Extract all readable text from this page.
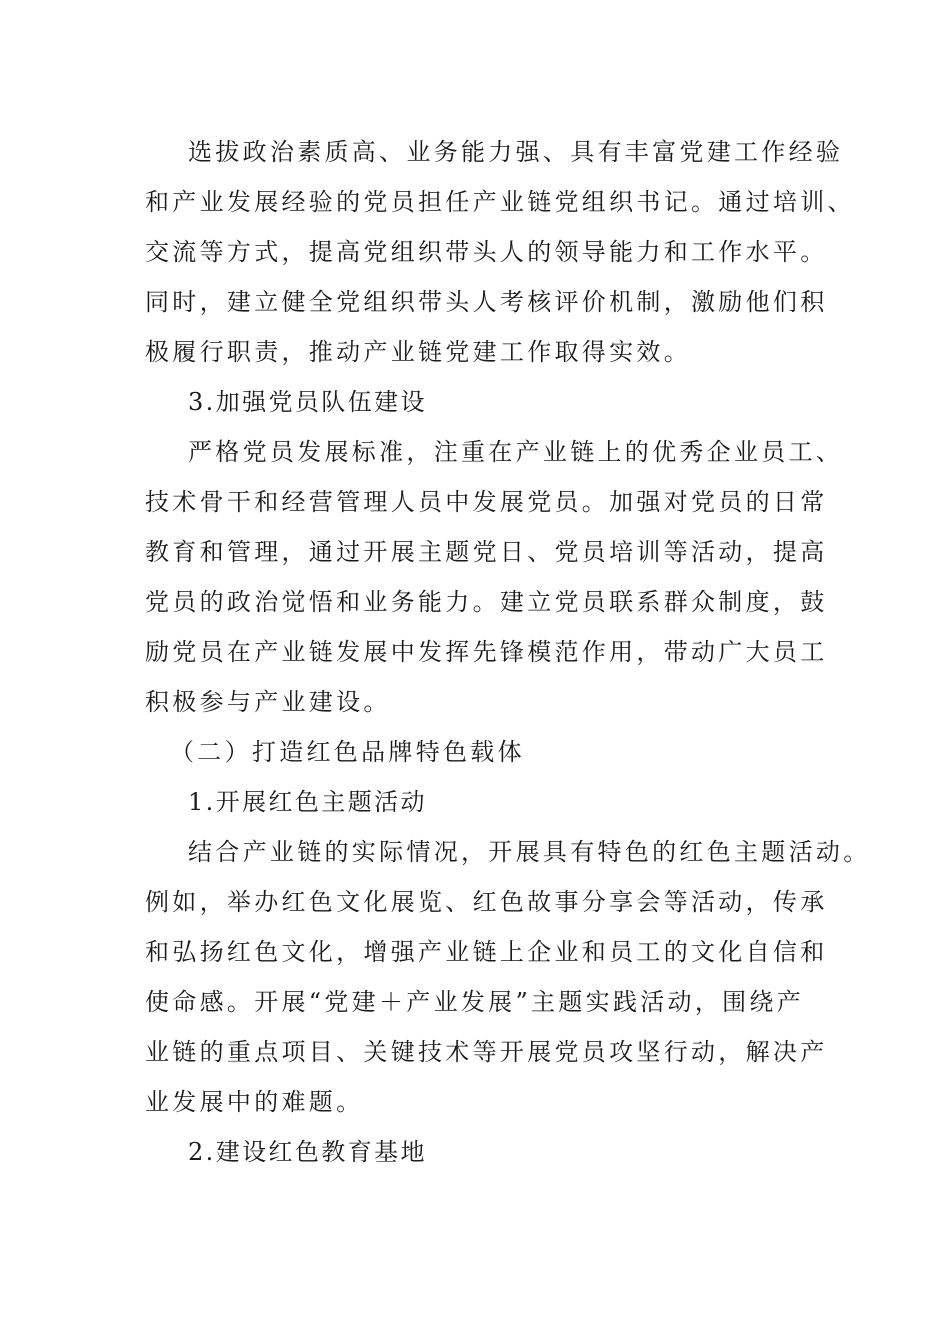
选拔政治素质高、业务能力强、具有丰富党建工作经验
和产业发展经验的党员担任产业链党组织书记。通过培训、
交流等方式，提高党组织带头人的领导能力和工作水平。
同时，建立健全党组织带头人考核评价机制，激励他们积
极履行职责，推动产业链党建工作取得实效。
3.加强党员队伍建设
严格党员发展标准，注重在产业链上的优秀企业员工、
技术骨干和经营管理人员中发展党员。加强对党员的日常
教育和管理，通过开展主题党日、党员培训等活动，提高
党员的政治觉悟和业务能力。建立党员联系群众制度，鼓
励党员在产业链发展中发挥先锋模范作用，带动广大员工
积极参与产业建设。
（二）打造红色品牌特色载体
1.开展红色主题活动
结合产业链的实际情况，开展具有特色的红色主题活动。
例如，举办红色文化展览、红色故事分享会等活动，传承
和弘扬红色文化，增强产业链上企业和员工的文化自信和
使命感。开展“党建＋产业发展”主题实践活动，围绕产
业链的重点项目、关键技术等开展党员攻坚行动，解决产
业发展中的难题。
2.建设红色教育基地
